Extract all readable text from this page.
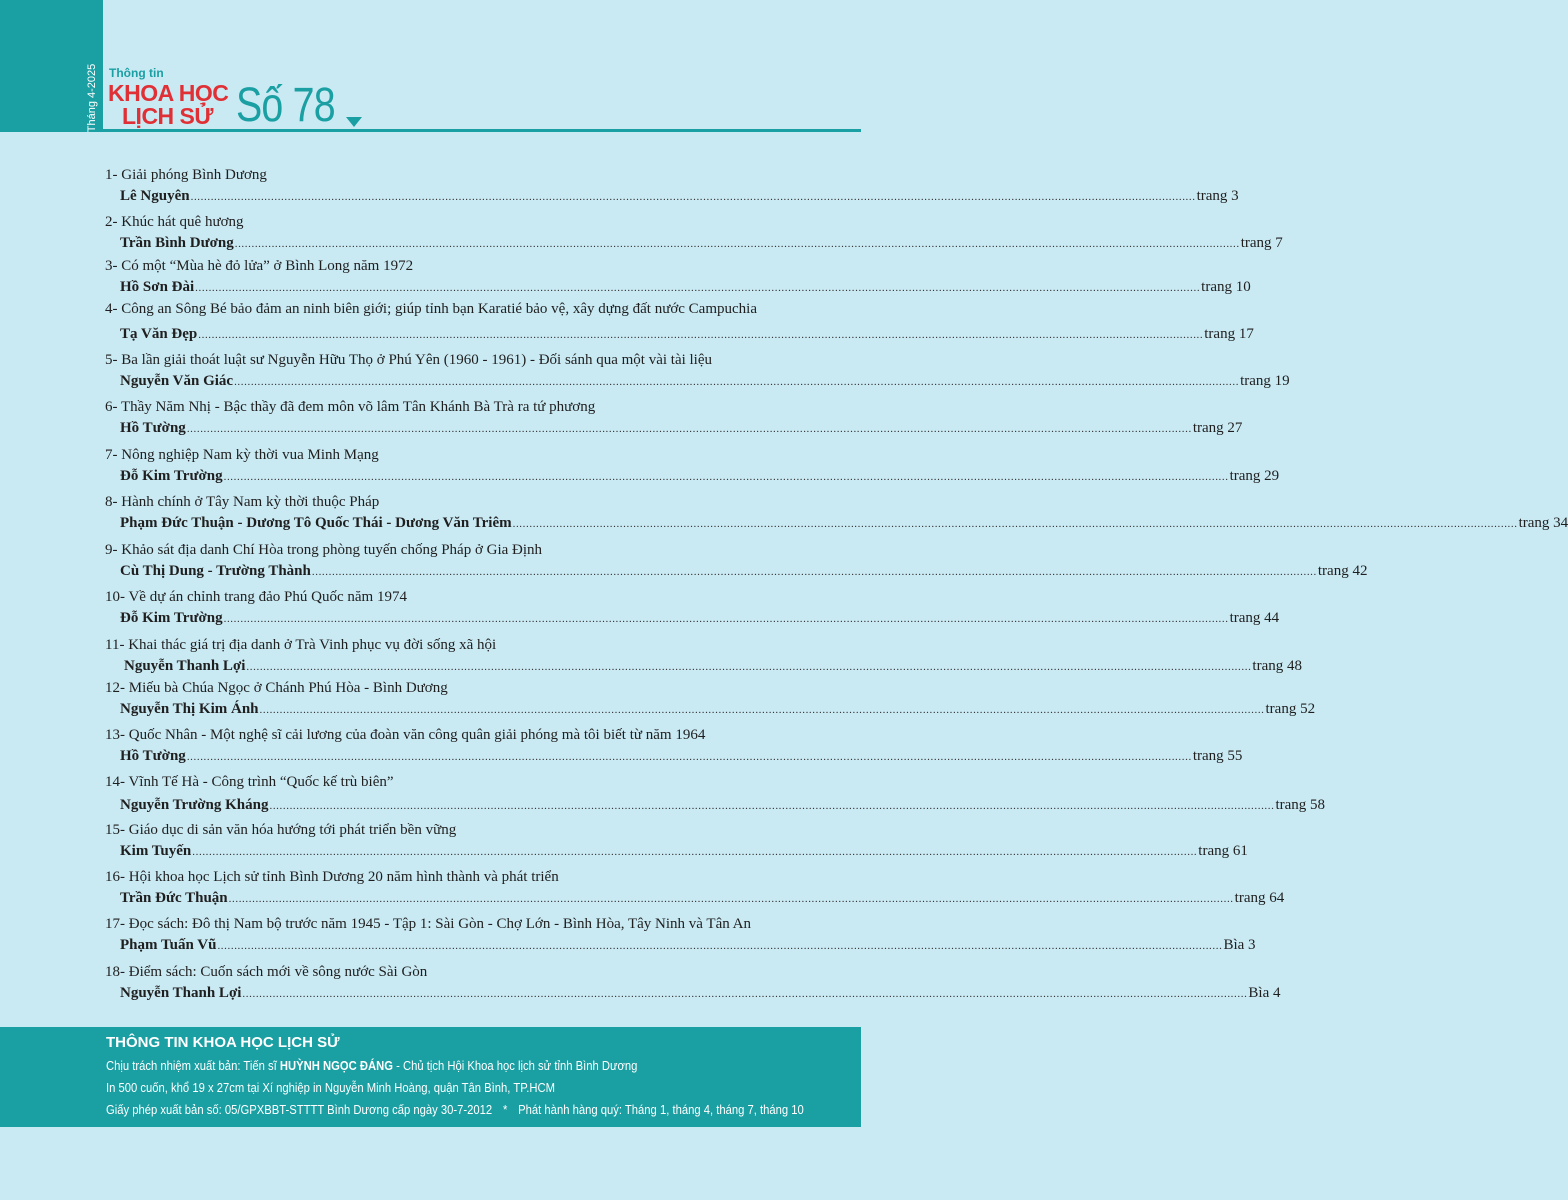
Tháng 4-2025 Thông tin
KHOA HỌC
LỊCH SỬ Số 78
1- Giải phóng Bình Dương
Lê Nguyên ............................................................................................................................................................................................................................................................................................................ trang 3
2- Khúc hát quê hương
Trần Bình Dương ............................................................................................................................................................................................................................................................................................................ trang 7
3- Có một “Mùa hè đỏ lửa” ở Bình Long năm 1972
Hồ Sơn Đài ............................................................................................................................................................................................................................................................................................................ trang 10
4- Công an Sông Bé bảo đảm an ninh biên giới; giúp tỉnh bạn Karatié bảo vệ, xây dựng đất nước Campuchia
Tạ Văn Đẹp ............................................................................................................................................................................................................................................................................................................ trang 17
5- Ba lần giải thoát luật sư Nguyễn Hữu Thọ ở Phú Yên (1960 - 1961) - Đối sánh qua một vài tài liệu
Nguyễn Văn Giác ............................................................................................................................................................................................................................................................................................................ trang 19
6- Thầy Năm Nhị - Bậc thầy đã đem môn võ lâm Tân Khánh Bà Trà ra tứ phương
Hồ Tường ............................................................................................................................................................................................................................................................................................................ trang 27
7- Nông nghiệp Nam kỳ thời vua Minh Mạng
Đỗ Kim Trường ............................................................................................................................................................................................................................................................................................................ trang 29
8- Hành chính ở Tây Nam kỳ thời thuộc Pháp
Phạm Đức Thuận - Dương Tô Quốc Thái - Dương Văn Triêm ............................................................................................................................................................................................................................................................................................................ trang 34
9- Khảo sát địa danh Chí Hòa trong phòng tuyến chống Pháp ở Gia Định
Cù Thị Dung - Trường Thành ............................................................................................................................................................................................................................................................................................................ trang 42
10- Về dự án chỉnh trang đảo Phú Quốc năm 1974
Đỗ Kim Trường ............................................................................................................................................................................................................................................................................................................ trang 44
11- Khai thác giá trị địa danh ở Trà Vinh phục vụ đời sống xã hội
Nguyễn Thanh Lợi ............................................................................................................................................................................................................................................................................................................ trang 48
12- Miếu bà Chúa Ngọc ở Chánh Phú Hòa - Bình Dương
Nguyễn Thị Kim Ánh ............................................................................................................................................................................................................................................................................................................ trang 52
13- Quốc Nhân - Một nghệ sĩ cải lương của đoàn văn công quân giải phóng mà tôi biết từ năm 1964
Hồ Tường ............................................................................................................................................................................................................................................................................................................ trang 55
14- Vĩnh Tế Hà - Công trình “Quốc kế trù biên”
Nguyễn Trường Kháng ............................................................................................................................................................................................................................................................................................................ trang 58
15- Giáo dục di sản văn hóa hướng tới phát triển bền vững
Kim Tuyến ............................................................................................................................................................................................................................................................................................................ trang 61
16- Hội khoa học Lịch sử tỉnh Bình Dương 20 năm hình thành và phát triển
Trần Đức Thuận ............................................................................................................................................................................................................................................................................................................ trang 64
17- Đọc sách: Đô thị Nam bộ trước năm 1945 - Tập 1: Sài Gòn - Chợ Lớn - Bình Hòa, Tây Ninh và Tân An
Phạm Tuấn Vũ ............................................................................................................................................................................................................................................................................................................ Bìa 3
18- Điểm sách: Cuốn sách mới về sông nước Sài Gòn
Nguyễn Thanh Lợi ............................................................................................................................................................................................................................................................................................................ Bìa 4
THÔNG TIN KHOA HỌC LỊCH SỬ
Chịu trách nhiệm xuất bản: Tiến sĩ HUỲNH NGỌC ĐÁNG - Chủ tịch Hội Khoa học lịch sử tỉnh Bình Dương
In 500 cuốn, khổ 19 x 27cm tại Xí nghiệp in Nguyễn Minh Hoàng, quận Tân Bình, TP.HCM
Giấy phép xuất bản số: 05/GPXBBT-STTTT Bình Dương cấp ngày 30-7-2012 * Phát hành hàng quý: Tháng 1, tháng 4, tháng 7, tháng 10
